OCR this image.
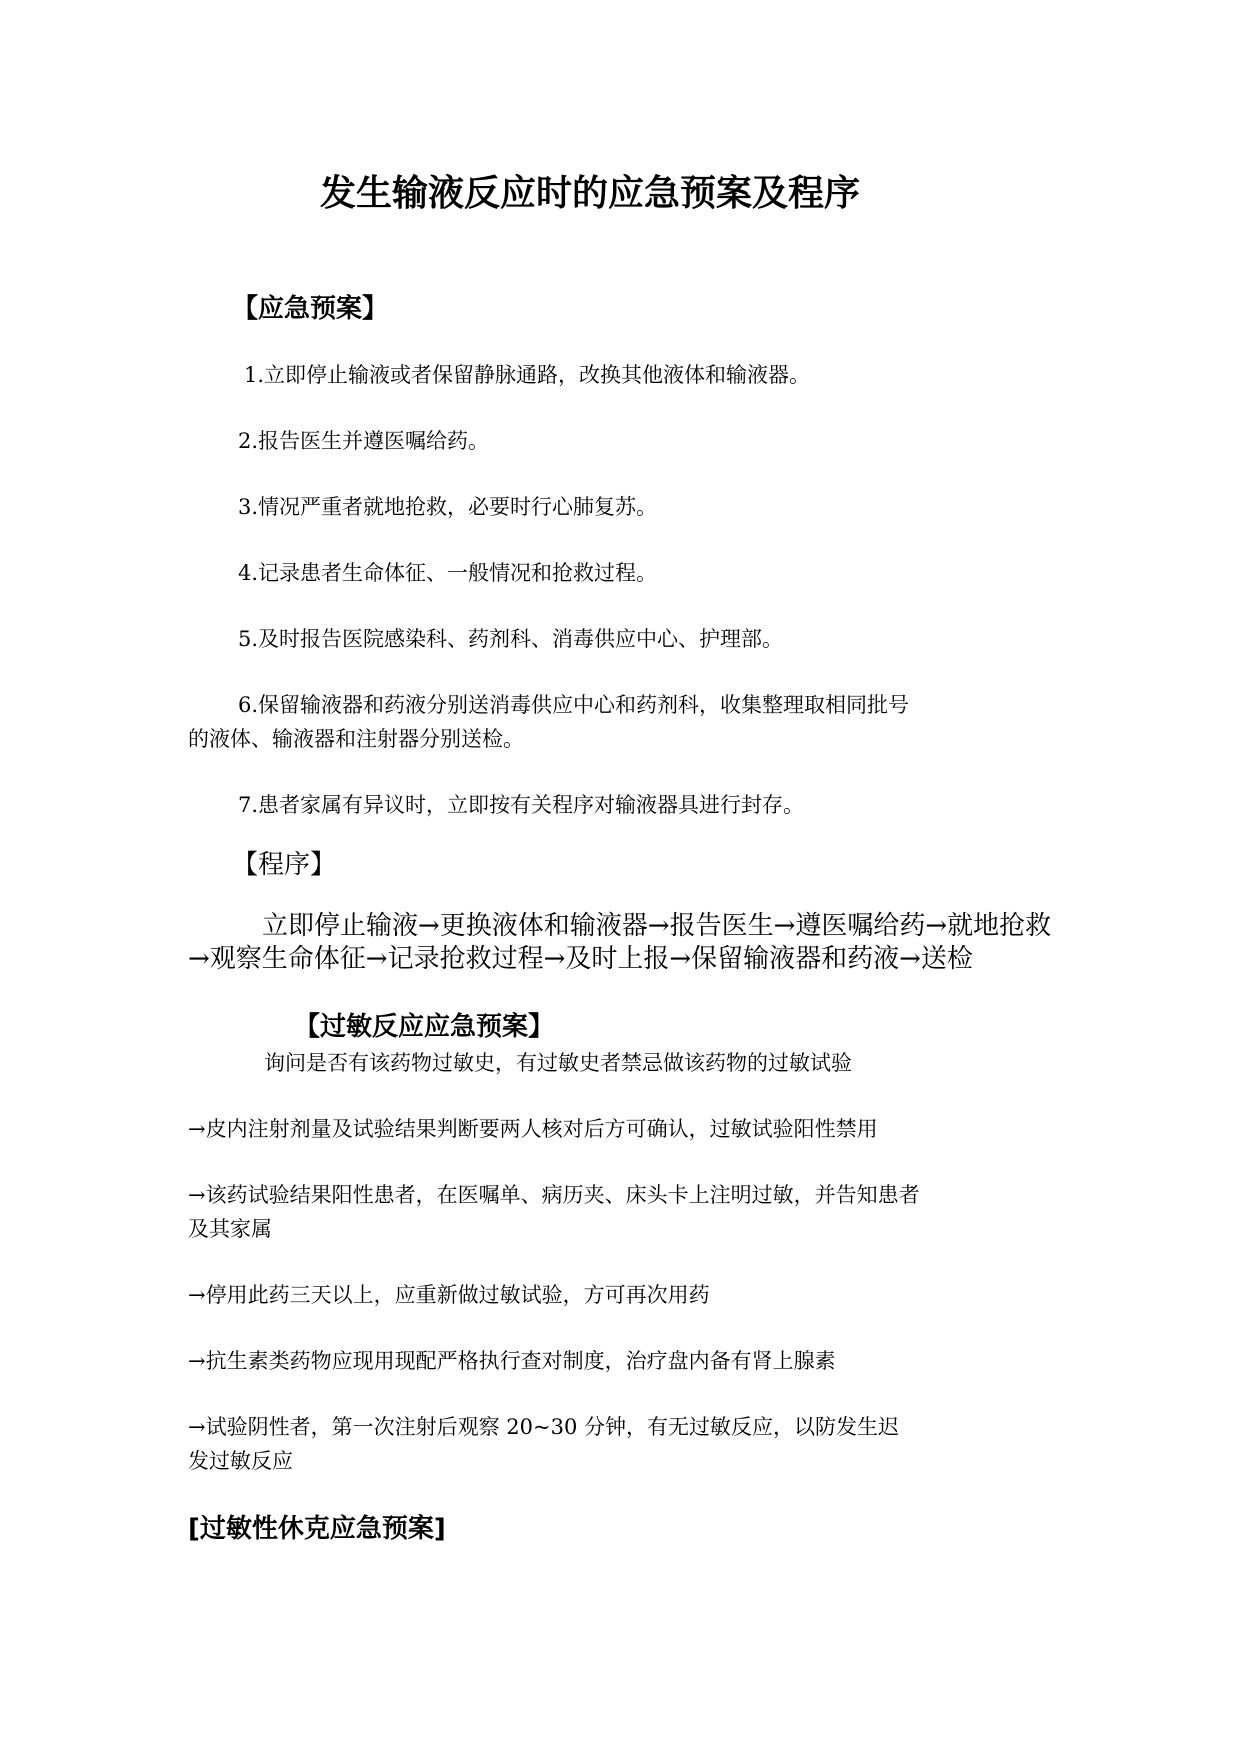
发生输液反应时的应急预案及程序
【应急预案】
1.立即停止输液或者保留静脉通路，改换其他液体和输液器。
2.报告医生并遵医嘱给药。
3.情况严重者就地抢救，必要时行心肺复苏。
4.记录患者生命体征、一般情况和抢救过程。
5.及时报告医院感染科、药剂科、消毒供应中心、护理部。
6.保留输液器和药液分别送消毒供应中心和药剂科，收集整理取相同批号
的液体、输液器和注射器分别送检。
7.患者家属有异议时，立即按有关程序对输液器具进行封存。
【程序】
立即停止输液→更换液体和输液器→报告医生→遵医嘱给药→就地抢救→观察生命体征→记录抢救过程→及时上报→保留输液器和药液→送检
【过敏反应应急预案】
询问是否有该药物过敏史，有过敏史者禁忌做该药物的过敏试验
→皮内注射剂量及试验结果判断要两人核对后方可确认，过敏试验阳性禁用
→该药试验结果阳性患者，在医嘱单、病历夹、床头卡上注明过敏，并告知患者
及其家属
→停用此药三天以上，应重新做过敏试验，方可再次用药
→抗生素类药物应现用现配严格执行查对制度，治疗盘内备有肾上腺素
→试验阴性者，第一次注射后观察 20~30 分钟，有无过敏反应，以防发生迟
发过敏反应
[过敏性休克应急预案]
